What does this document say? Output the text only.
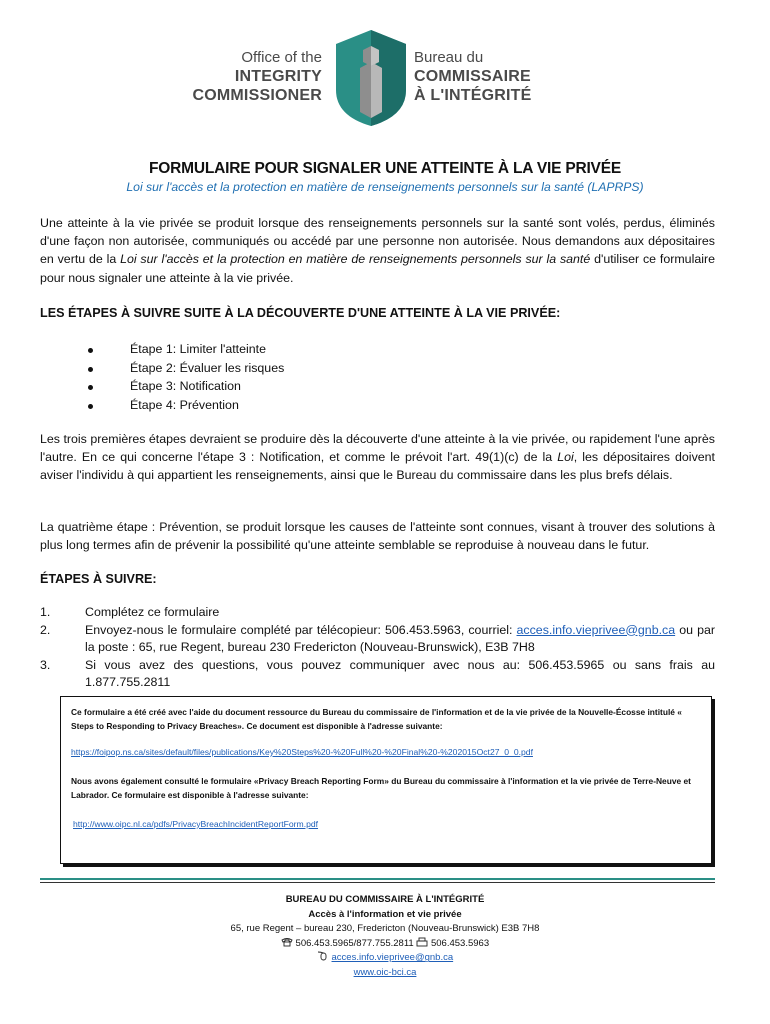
Office of the
INTEGRITY
COMMISSIONER
Bureau du
COMMISSAIRE
À L'INTÉGRITÉ
FORMULAIRE POUR SIGNALER UNE ATTEINTE À LA VIE PRIVÉE
Loi sur l'accès et la protection en matière de renseignements personnels sur la santé (LAPRPS)
Une atteinte à la vie privée se produit lorsque des renseignements personnels sur la santé sont volés, perdus, éliminés d'une façon non autorisée, communiqués ou accédé par une personne non autorisée. Nous demandons aux dépositaires en vertu de la Loi sur l'accès et la protection en matière de renseignements personnels sur la santé d'utiliser ce formulaire pour nous signaler une atteinte à la vie privée.
LES ÉTAPES À SUIVRE SUITE À LA DÉCOUVERTE D'UNE ATTEINTE À LA VIE PRIVÉE:
Étape 1: Limiter l'atteinte
Étape 2: Évaluer les risques
Étape 3: Notification
Étape 4: Prévention
Les trois premières étapes devraient se produire dès la découverte d'une atteinte à la vie privée, ou rapidement l'une après l'autre. En ce qui concerne l'étape 3 : Notification, et comme le prévoit l'art. 49(1)(c) de la Loi, les dépositaires doivent aviser l'individu à qui appartient les renseignements, ainsi que le Bureau du commissaire dans les plus brefs délais.
La quatrième étape : Prévention, se produit lorsque les causes de l'atteinte sont connues, visant à trouver des solutions à plus long termes afin de prévenir la possibilité qu'une atteinte semblable se reproduise à nouveau dans le futur.
ÉTAPES À SUIVRE:
1.	Complétez ce formulaire
2.	Envoyez-nous le formulaire complété par télécopieur: 506.453.5963, courriel: acces.info.vieprivee@gnb.ca ou par la poste : 65, rue Regent, bureau 230 Fredericton (Nouveau-Brunswick), E3B 7H8
3.	Si vous avez des questions, vous pouvez communiquer avec nous au: 506.453.5965 ou sans frais au 1.877.755.2811
Ce formulaire a été créé avec l'aide du document ressource du Bureau du commissaire de l'information et de la vie privée de la Nouvelle-Écosse intitulé « Steps to Responding to Privacy Breaches». Ce document est disponible à l'adresse suivante:
https://foipop.ns.ca/sites/default/files/publications/Key%20Steps%20-%20Full%20-%20Final%20-%202015Oct27_0_0.pdf
Nous avons également consulté le formulaire «Privacy Breach Reporting Form» du Bureau du commissaire à l'information et la vie privée de Terre-Neuve et Labrador. Ce formulaire est disponible à l'adresse suivante:
http://www.oipc.nl.ca/pdfs/PrivacyBreachIncidentReportForm.pdf
BUREAU DU COMMISSAIRE À L'INTÉGRITÉ
Accès à l'information et vie privée
65, rue Regent – bureau 230, Fredericton (Nouveau-Brunswick) E3B 7H8
506.453.5965/877.755.2811 506.453.5963
acces.info.vieprivee@gnb.ca
www.oic-bci.ca
